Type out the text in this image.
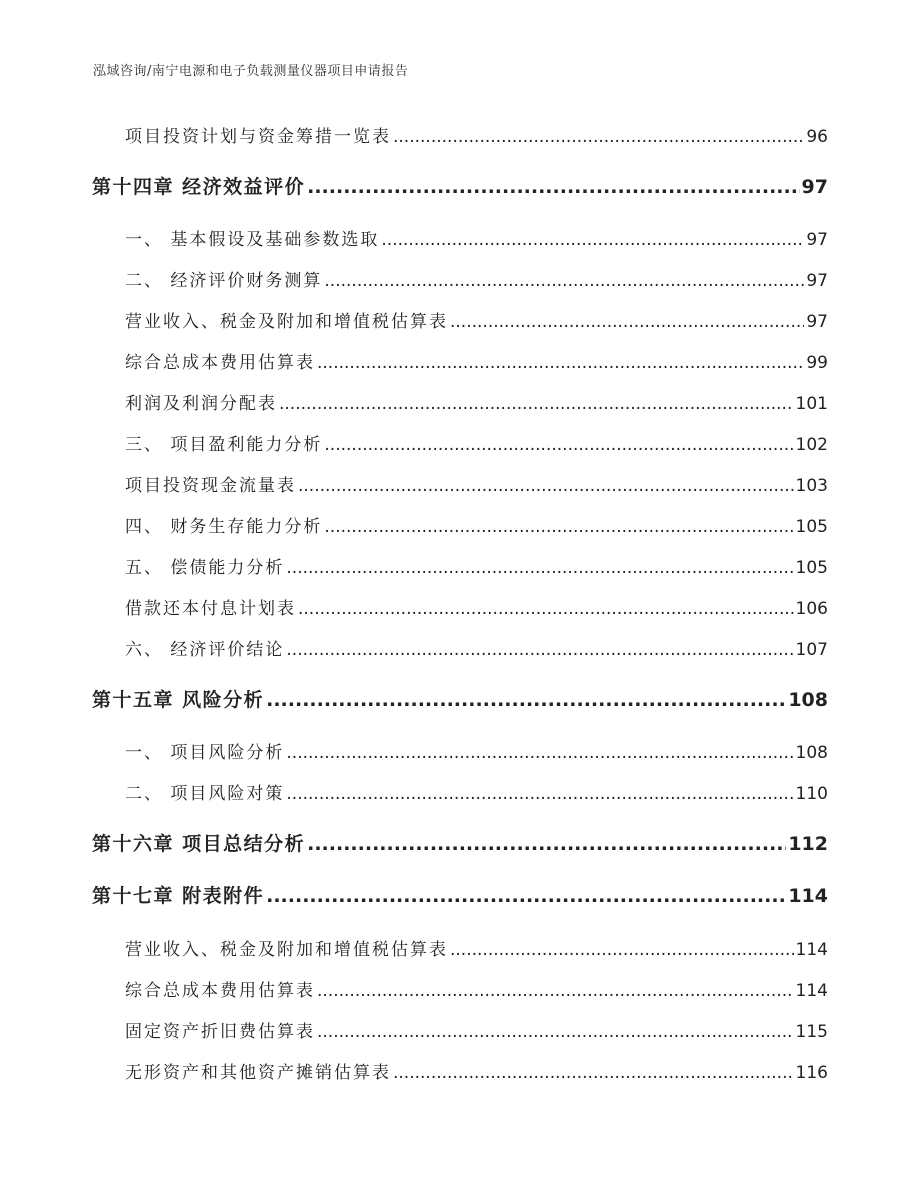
泓域咨询/南宁电源和电子负载测量仪器项目申请报告
项目投资计划与资金筹措一览表 .....	96
第十四章 经济效益评价 .....	97
一、 基本假设及基础参数选取 .....	97
二、 经济评价财务测算 .....	97
营业收入、税金及附加和增值税估算表 .....	97
综合总成本费用估算表 .....	99
利润及利润分配表 .....	101
三、 项目盈利能力分析 .....	102
项目投资现金流量表 .....	103
四、 财务生存能力分析 .....	105
五、 偿债能力分析 .....	105
借款还本付息计划表 .....	106
六、 经济评价结论 .....	107
第十五章 风险分析 .....	108
一、 项目风险分析 .....	108
二、 项目风险对策 .....	110
第十六章 项目总结分析 .....	112
第十七章 附表附件 .....	114
营业收入、税金及附加和增值税估算表 .....	114
综合总成本费用估算表 .....	114
固定资产折旧费估算表 .....	115
无形资产和其他资产摊销估算表 .....	116
